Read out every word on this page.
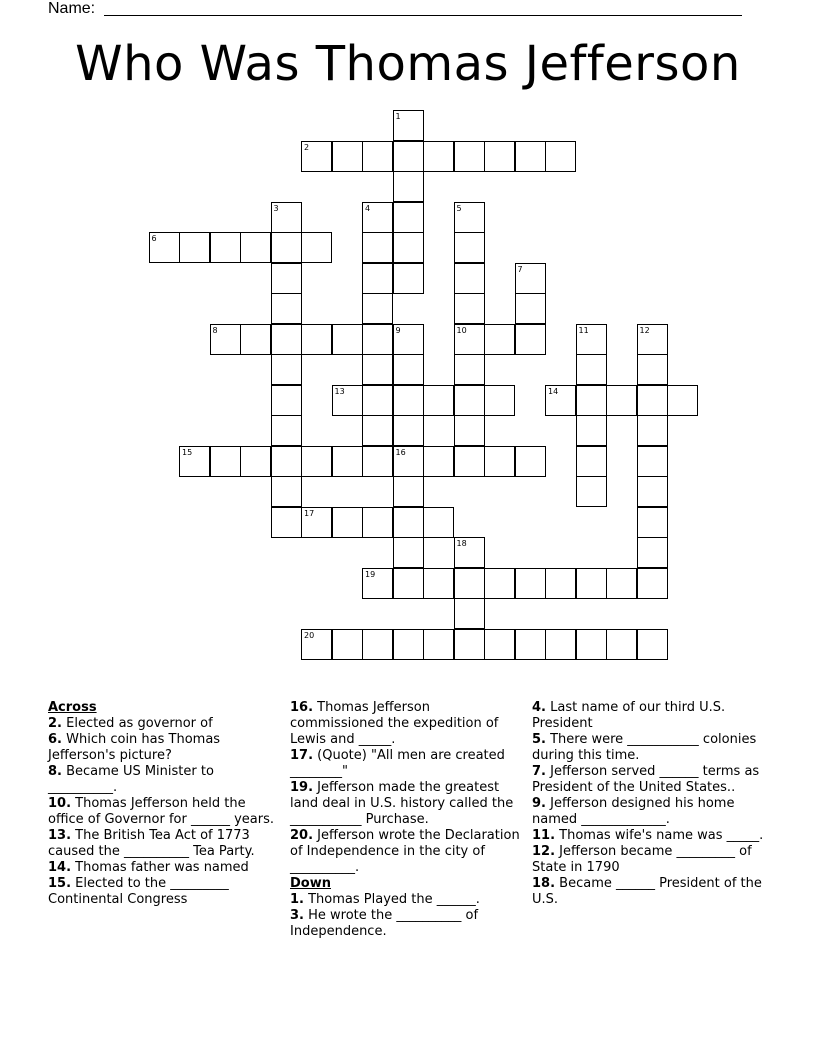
Name:
Who Was Thomas Jefferson
1
2
3	4	5
10
6
7
8	9
16
11	12
13	14
15
17
18
19
20
Across
2. Elected as governor of
6. Which coin has Thomas Jefferson's picture?
8. Became US Minister to __________.
10. Thomas Jefferson held the office of Governor for ______ years.
13. The British Tea Act of 1773 caused the __________ Tea Party.
14. Thomas father was named
15. Elected to the _________ Continental Congress
16. Thomas Jefferson commissioned the expedition of Lewis and _____.
17. (Quote) "All men are created ________"
19. Jefferson made the greatest land deal in U.S. history called the ___________ Purchase.
20. Jefferson wrote the Declaration of Independence in the city of __________.
Down
1. Thomas Played the ______.
3. He wrote the __________ of Independence.
4. Last name of our third U.S. President
5. There were ___________ colonies during this time.
7. Jefferson served ______ terms as President of the United States..
9. Jefferson designed his home named _____________.
11. Thomas wife's name was _____.
12. Jefferson became _________ of State in 1790
18. Became ______ President of the U.S.
